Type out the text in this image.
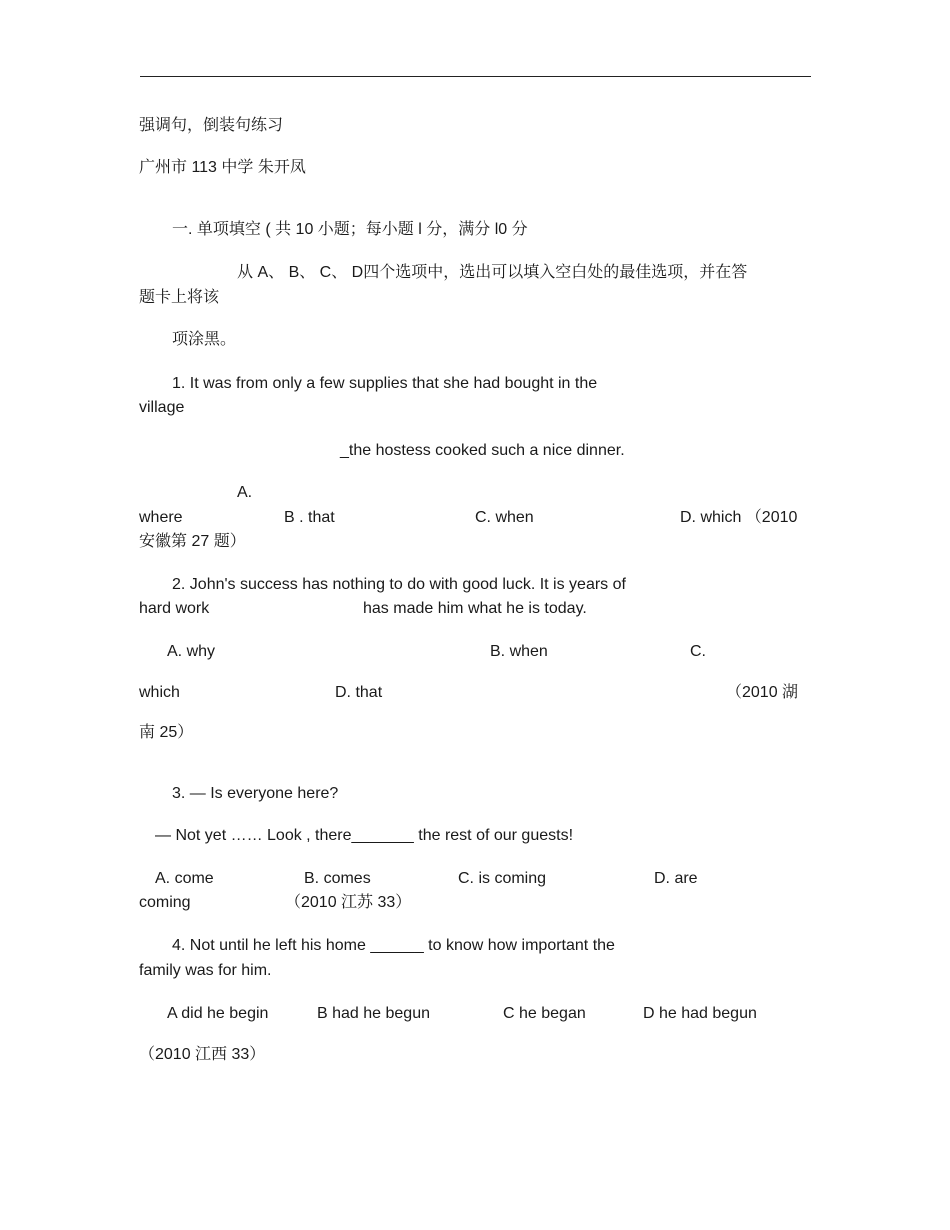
强调句，倒装句练习
广州市 113 中学 朱开凤
一. 单项填空 ( 共 10 小题；每小题 l 分，满分 l0 分
从 A、 B、 C、 D四个选项中，选出可以填入空白处的最佳选项，并在答
题卡上将该
项涂黑。
1. It was from only a few supplies that she had bought in the
village
_the hostess cooked such a nice dinner.
A.
where	B . that	C. when	D. which （2010
安徽第 27 题）
2. John's success has nothing to do with good luck. It is years of
hard work	has made him what he is today.
A. why	B. when	C.
which	D. that	（2010 湖
南 25）
3. — Is everyone here?
— Not yet …… Look , there_______ the rest of our guests!
A. come	B. comes	C. is coming	D. are
coming	（2010 江苏 33）
4. Not until he left his home ______ to know how important the
family was for him.
A did he begin	B had he begun	C he began	D he had begun
（2010 江西 33）
